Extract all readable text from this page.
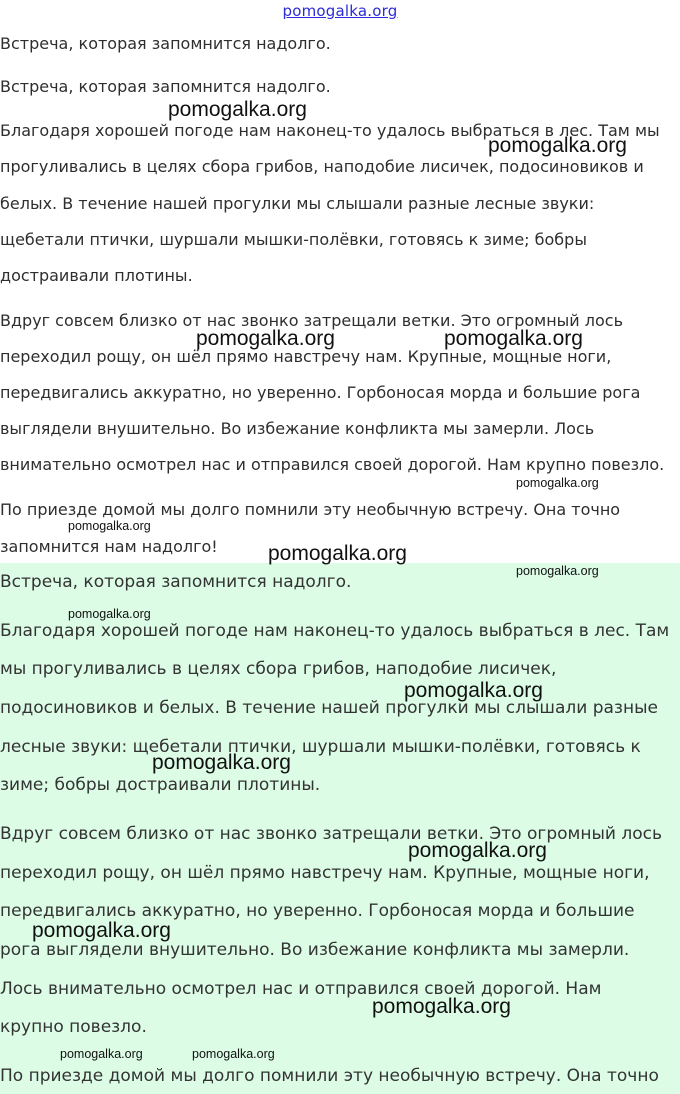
pomogalka.org
Встреча, которая запомнится надолго.
Встреча, которая запомнится надолго.
Благодаря хорошей погоде нам наконец-то удалось выбраться в лес. Там мы
прогуливались в целях сбора грибов, наподобие лисичек, подосиновиков и
белых. В течение нашей прогулки мы слышали разные лесные звуки:
щебетали птички, шуршали мышки-полёвки, готовясь к зиме; бобры
достраивали плотины.
Вдруг совсем близко от нас звонко затрещали ветки. Это огромный лось
переходил рощу, он шёл прямо навстречу нам. Крупные, мощные ноги,
передвигались аккуратно, но уверенно. Горбоносая морда и большие рога
выглядели внушительно. Во избежание конфликта мы замерли. Лось
внимательно осмотрел нас и отправился своей дорогой. Нам крупно повезло.
По приезде домой мы долго помнили эту необычную встречу. Она точно
запомнится нам надолго!
Встреча, которая запомнится надолго.
Благодаря хорошей погоде нам наконец-то удалось выбраться в лес. Там
мы прогуливались в целях сбора грибов, наподобие лисичек,
подосиновиков и белых. В течение нашей прогулки мы слышали разные
лесные звуки: щебетали птички, шуршали мышки-полёвки, готовясь к
зиме; бобры достраивали плотины.
Вдруг совсем близко от нас звонко затрещали ветки. Это огромный лось
переходил рощу, он шёл прямо навстречу нам. Крупные, мощные ноги,
передвигались аккуратно, но уверенно. Горбоносая морда и большие
рога выглядели внушительно. Во избежание конфликта мы замерли.
Лось внимательно осмотрел нас и отправился своей дорогой. Нам
крупно повезло.
По приезде домой мы долго помнили эту необычную встречу. Она точно
pomogalka.org
pomogalka.org
pomogalka.org	pomogalka.org
pomogalka.org
pomogalka.org
pomogalka.org
pomogalka.org
pomogalka.org
pomogalka.org
pomogalka.org
pomogalka.org
pomogalka.org
pomogalka.org
pomogalka.org	pomogalka.org
